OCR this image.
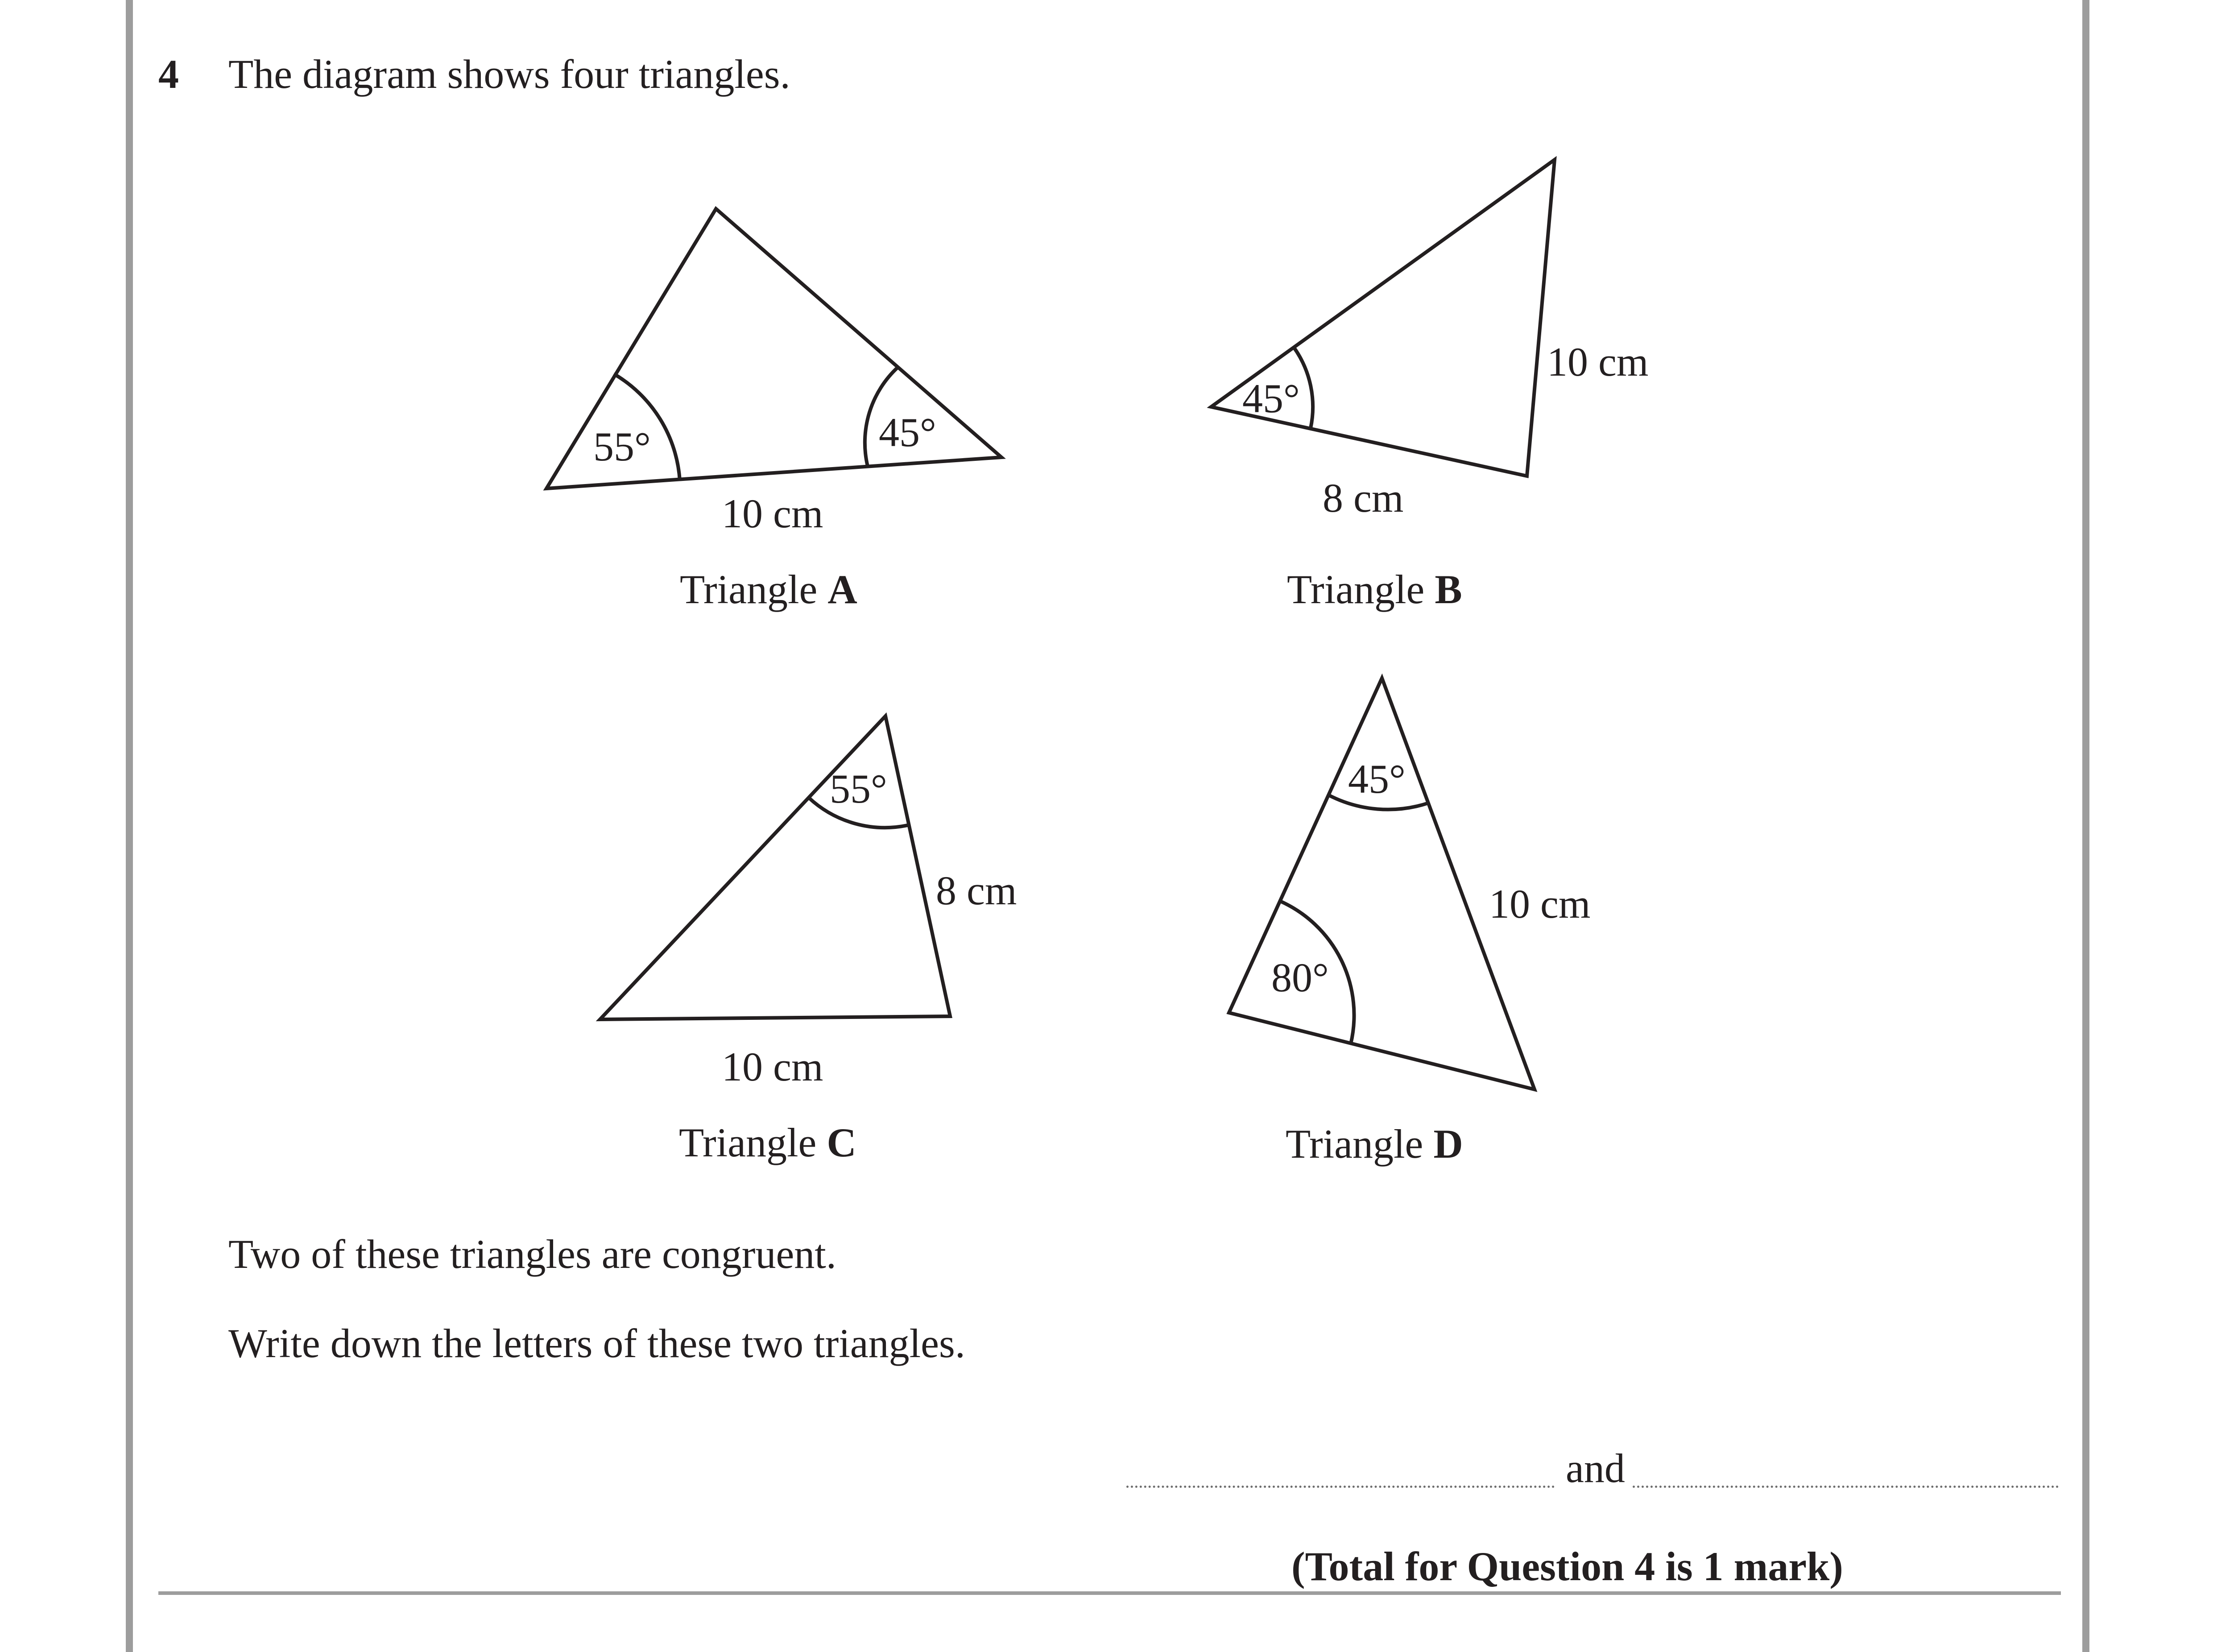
4 The diagram shows four triangles.
55°	45°
10 cm
Triangle A
45°
8 cm
10 cm
Triangle B
55°
8 cm
10 cm
Triangle C
45°
80°
10 cm
Triangle D
Two of these triangles are congruent.
Write down the letters of these two triangles.
and
(Total for Question 4 is 1 mark)
